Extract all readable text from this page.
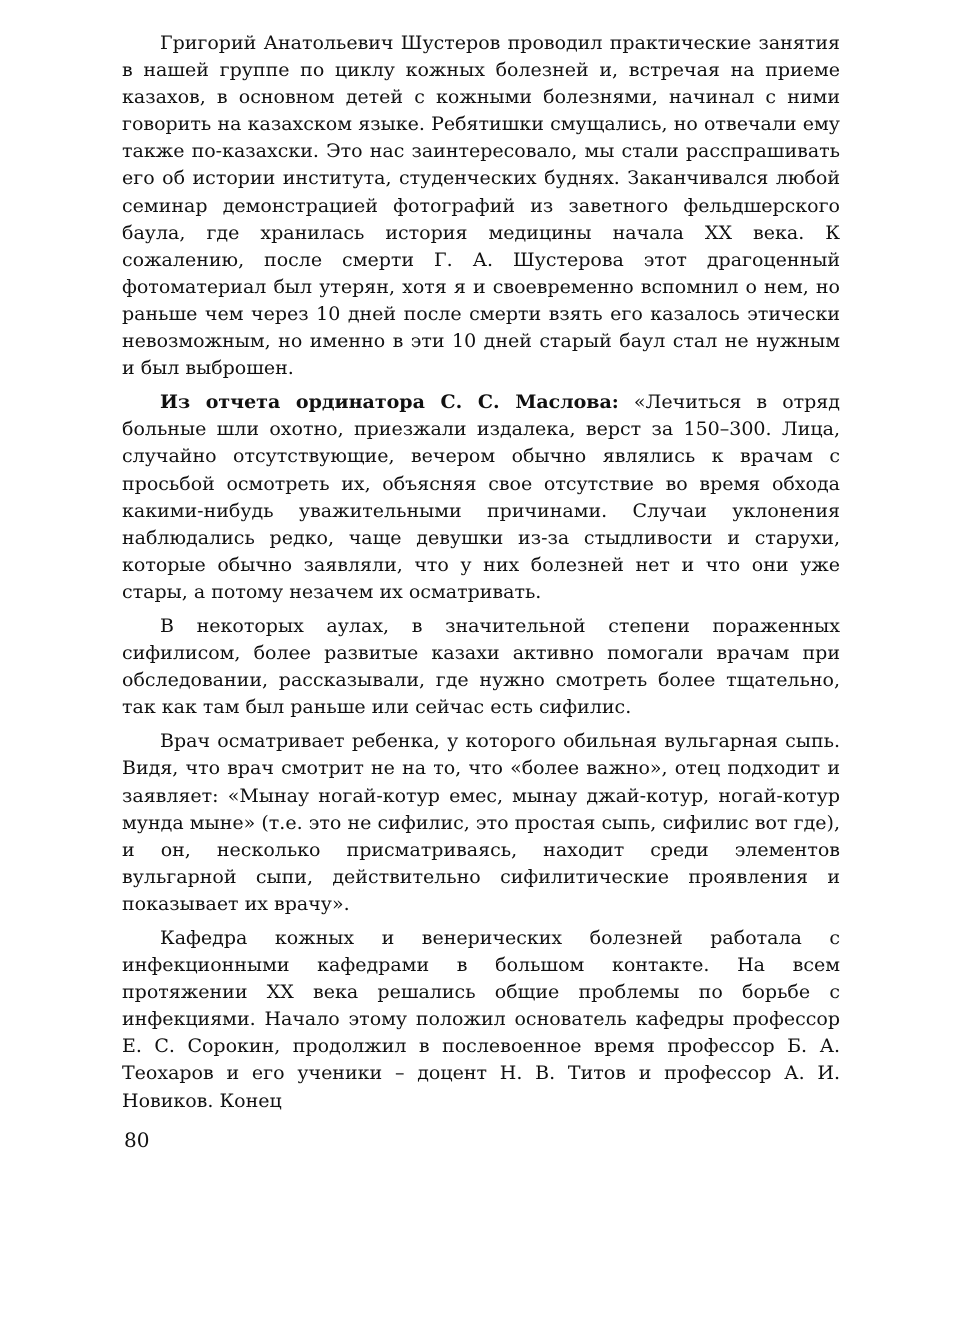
Григорий Анатольевич Шустеров проводил практические занятия в нашей группе по циклу кожных болезней и, встречая на приеме казахов, в основном детей с кожными болезнями, начинал с ними говорить на казахском языке. Ребятишки смущались, но отвечали ему также по-казахски. Это нас заинтересовало, мы стали расспрашивать его об истории института, студенческих буднях. Заканчивался любой семинар демонстрацией фотографий из заветного фельдшерского баула, где хранилась история медицины начала XX века. К сожалению, после смерти Г. А. Шустерова этот драгоценный фотоматериал был утерян, хотя я и своевременно вспомнил о нем, но раньше чем через 10 дней после смерти взять его казалось этически невозможным, но именно в эти 10 дней старый баул стал не нужным и был выброшен.

Из отчета ординатора С. С. Маслова: «Лечиться в отряд больные шли охотно, приезжали издалека, верст за 150–300. Лица, случайно отсутствующие, вечером обычно являлись к врачам с просьбой осмотреть их, объясняя свое отсутствие во время обхода какими-нибудь уважительными причинами. Случаи уклонения наблюдались редко, чаще девушки из-за стыдливости и старухи, которые обычно заявляли, что у них болезней нет и что они уже стары, а потому незачем их осматривать.

В некоторых аулах, в значительной степени пораженных сифилисом, более развитые казахи активно помогали врачам при обследовании, рассказывали, где нужно смотреть более тщательно, так как там был раньше или сейчас есть сифилис.

Врач осматривает ребенка, у которого обильная вульгарная сыпь. Видя, что врач смотрит не на то, что «более важно», отец подходит и заявляет: «Мынау ногай-котур емес, мынау джай-котур, ногай-котур мунда мыне» (т.е. это не сифилис, это простая сыпь, сифилис вот где), и он, несколько присматриваясь, находит среди элементов вульгарной сыпи, действительно сифилитические проявления и показывает их врачу».

Кафедра кожных и венерических болезней работала с инфекционными кафедрами в большом контакте. На всем протяжении XX века решались общие проблемы по борьбе с инфекциями. Начало этому положил основатель кафедры профессор Е. С. Сорокин, продолжил в послевоенное время профессор Б. А. Теохаров и его ученики – доцент Н. В. Титов и профессор А. И. Новиков. Конец

80
